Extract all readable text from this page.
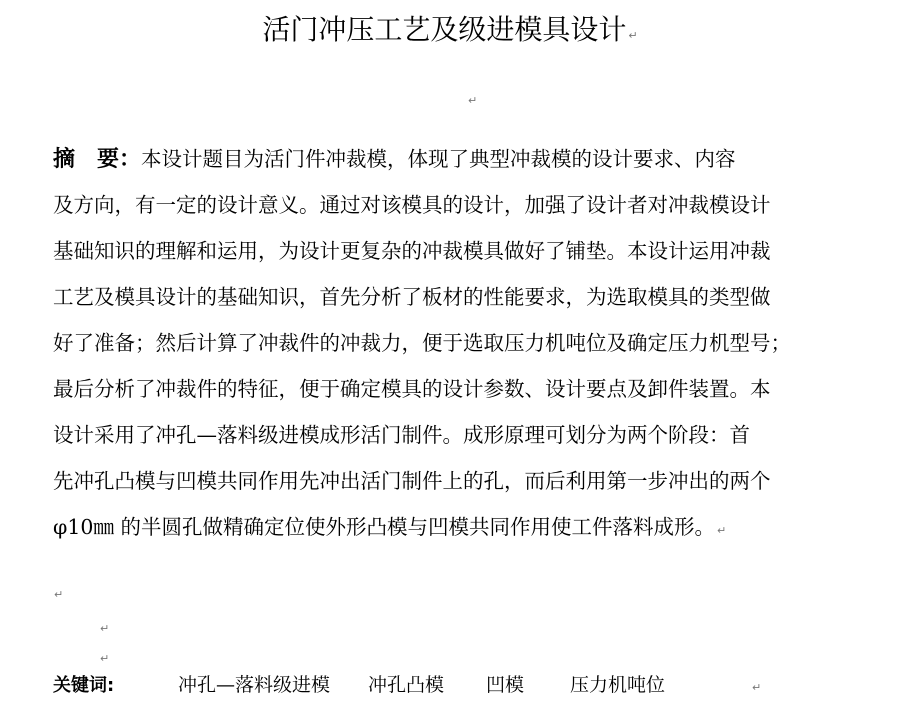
活门冲压工艺及级进模具设计 ↵
↵
摘　要：本设计题目为活门件冲裁模，体现了典型冲裁模的设计要求、内容
及方向，有一定的设计意义。通过对该模具的设计，加强了设计者对冲裁模设计
基础知识的理解和运用，为设计更复杂的冲裁模具做好了铺垫。本设计运用冲裁
工艺及模具设计的基础知识，首先分析了板材的性能要求，为选取模具的类型做
好了准备；然后计算了冲裁件的冲裁力，便于选取压力机吨位及确定压力机型号；
最后分析了冲裁件的特征，便于确定模具的设计参数、设计要点及卸件装置。本
设计采用了冲孔—落料级进模成形活门制件。成形原理可划分为两个阶段：首
先冲孔凸模与凹模共同作用先冲出活门制件上的孔，而后利用第一步冲出的两个
φ10㎜ 的半圆孔做精确定位使外形凸模与凹模共同作用使工件落料成形。 ↵
↵
↵
↵
关键词:	冲孔—落料级进模 冲孔凸模 凹模 压力机吨位	↵
